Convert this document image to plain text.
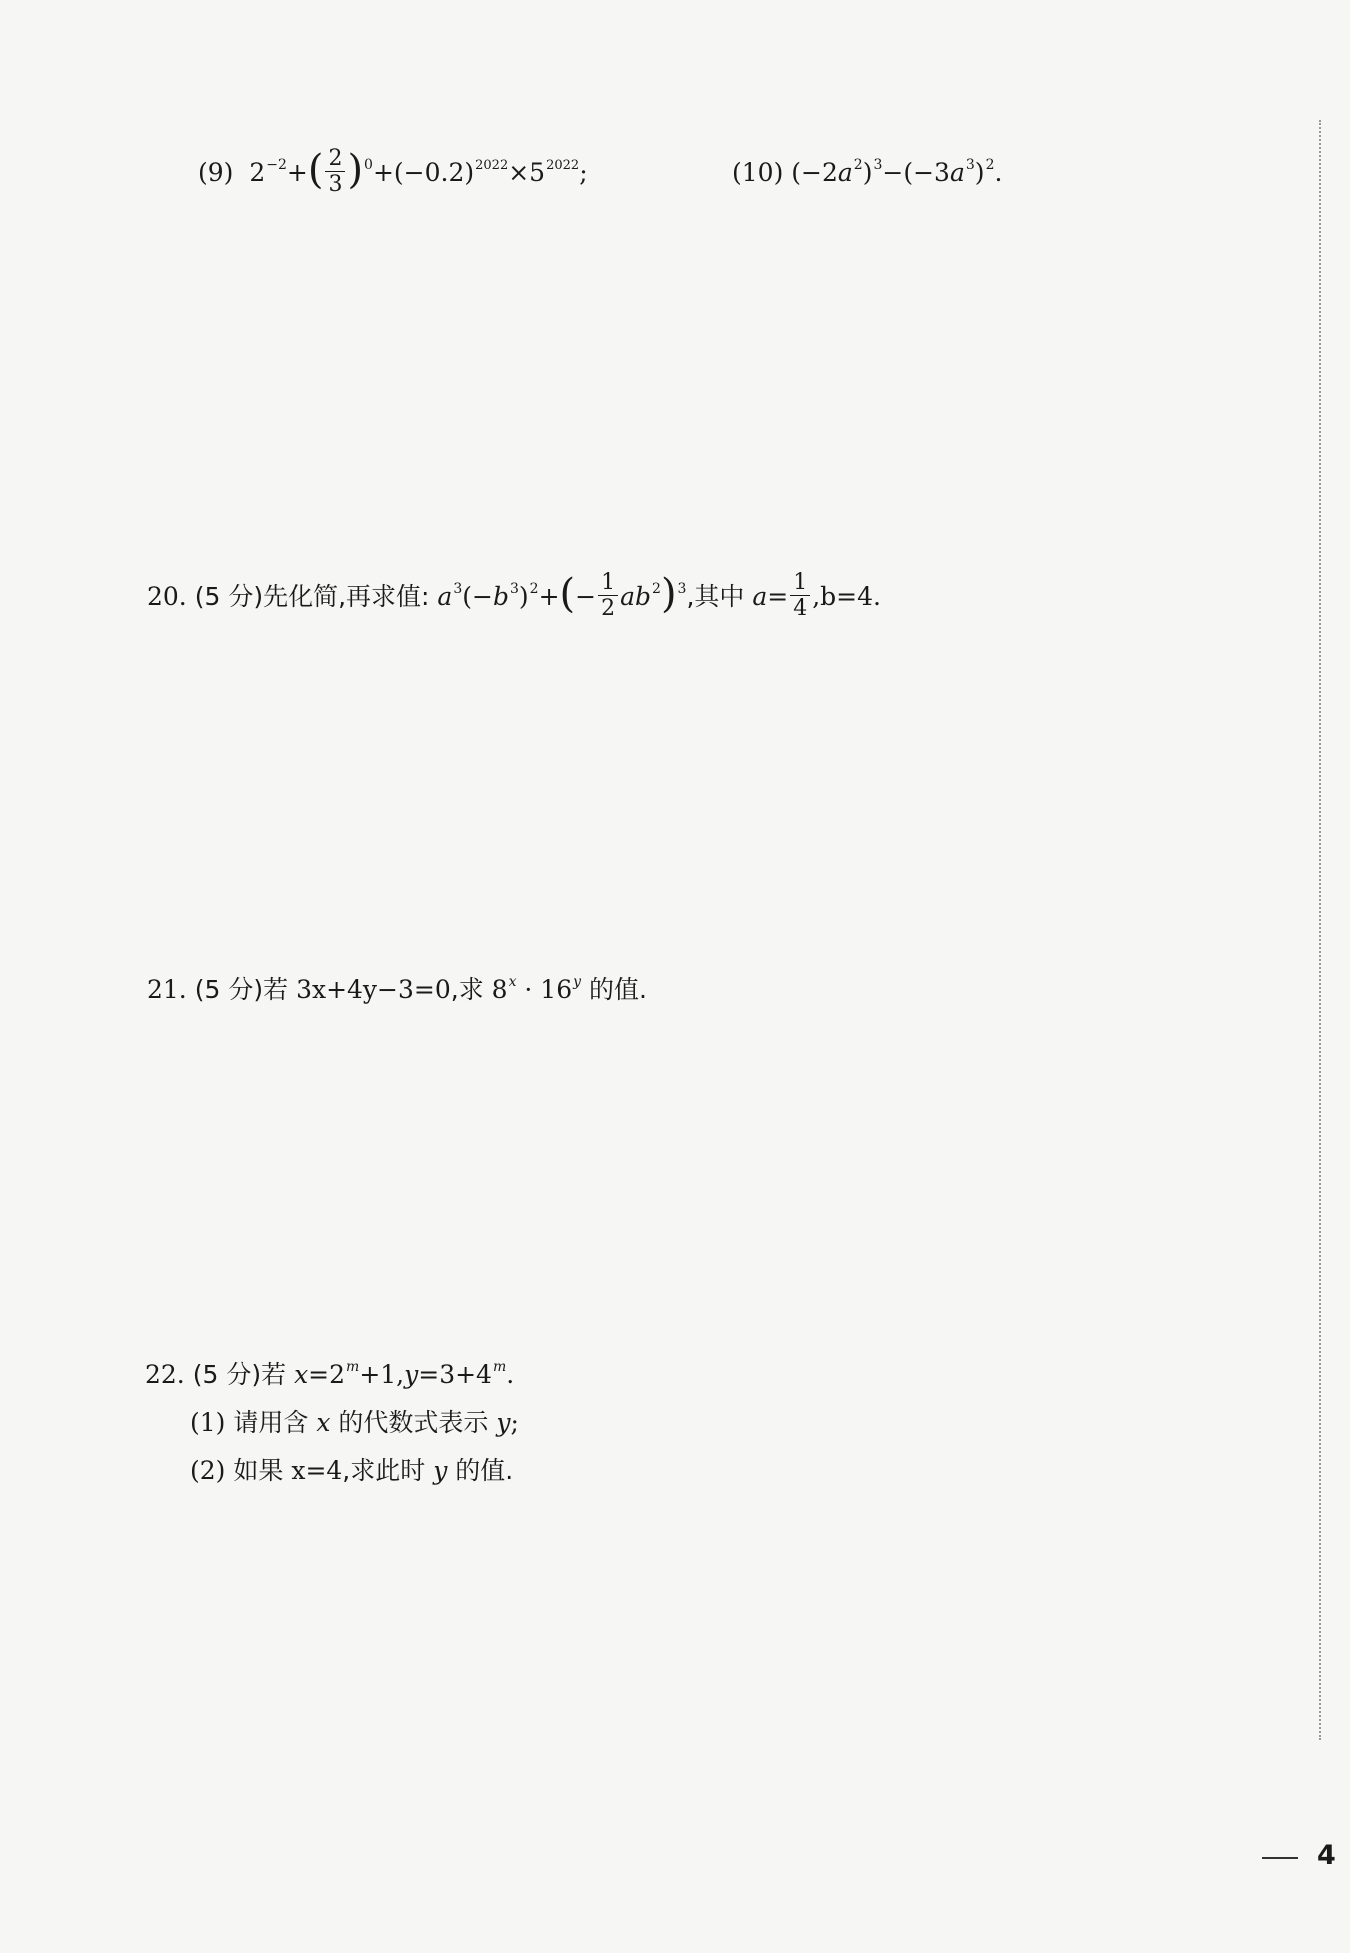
(9) $2^{-2}+( \frac{2}{3} )^0+(-0.2)^{2022}\times 5^{2022}$;	(10) $(-2a^2)^3-(-3a^3)^2$.
20. (5 分)先化简,再求值: $a^3(-b^3)^2+(- \frac{1}{2} ab^2)^3$,其中 $a= \frac{1}{4} ,b=4$.
21. (5 分)若 3x+4y−3=0,求 $8^x \cdot 16^y$ 的值.
22. (5 分)若 $x=2^m+1,y=3+4^m$.
(1) 请用含 x 的代数式表示 y;
(2) 如果 x=4,求此时 y 的值.
4
